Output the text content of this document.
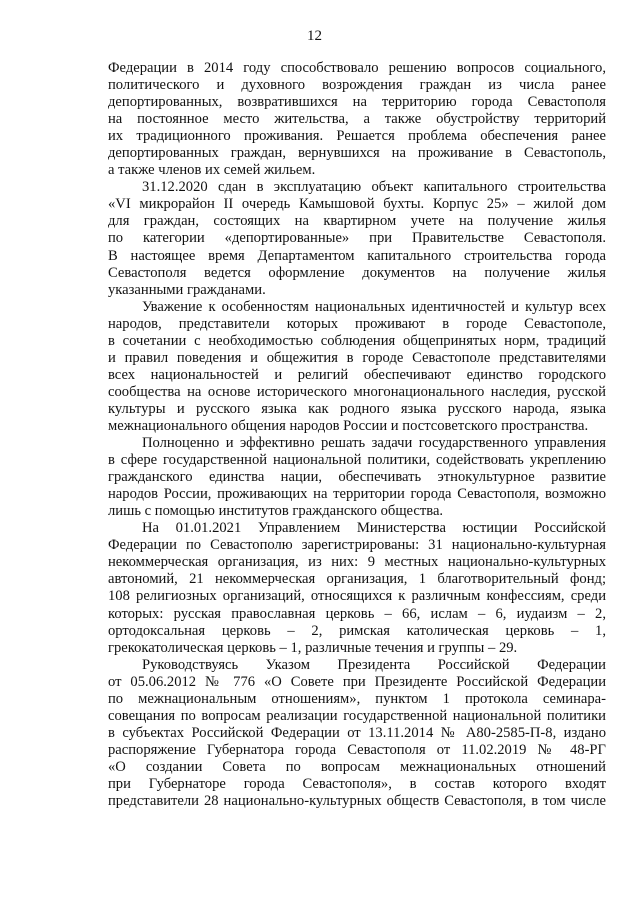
12

Федерации в 2014 году способствовало решению вопросов социального,
политического и духовного возрождения граждан из числа ранее
депортированных, возвратившихся на территорию города Севастополя
на постоянное место жительства, а также обустройству территорий
их традиционного проживания. Решается проблема обеспечения ранее
депортированных граждан, вернувшихся на проживание в Севастополь,
а также членов их семей жильем.

31.12.2020 сдан в эксплуатацию объект капитального строительства
«VI микрорайон II очередь Камышовой бухты. Корпус 25» – жилой дом
для граждан, состоящих на квартирном учете на получение жилья
по категории «депортированные» при Правительстве Севастополя.
В настоящее время Департаментом капитального строительства города
Севастополя ведется оформление документов на получение жилья
указанными гражданами.

Уважение к особенностям национальных идентичностей и культур всех
народов, представители которых проживают в городе Севастополе,
в сочетании с необходимостью соблюдения общепринятых норм, традиций
и правил поведения и общежития в городе Севастополе представителями
всех национальностей и религий обеспечивают единство городского
сообщества на основе исторического многонационального наследия, русской
культуры и русского языка как родного языка русского народа, языка
межнационального общения народов России и постсоветского пространства.

Полноценно и эффективно решать задачи государственного управления
в сфере государственной национальной политики, содействовать укреплению
гражданского единства нации, обеспечивать этнокультурное развитие
народов России, проживающих на территории города Севастополя, возможно
лишь с помощью институтов гражданского общества.

На 01.01.2021 Управлением Министерства юстиции Российской
Федерации по Севастополю зарегистрированы: 31 национально-культурная
некоммерческая организация, из них: 9 местных национально-культурных
автономий, 21 некоммерческая организация, 1 благотворительный фонд;
108 религиозных организаций, относящихся к различным конфессиям, среди
которых: русская православная церковь – 66, ислам – 6, иудаизм – 2,
ортодоксальная церковь – 2, римская католическая церковь – 1,
грекокатолическая церковь – 1, различные течения и группы – 29.

Руководствуясь Указом Президента Российской Федерации
от 05.06.2012 № 776 «О Совете при Президенте Российской Федерации
по межнациональным отношениям», пунктом 1 протокола семинара-
совещания по вопросам реализации государственной национальной политики
в субъектах Российской Федерации от 13.11.2014 № А80-2585-П-8, издано
распоряжение Губернатора города Севастополя от 11.02.2019 № 48-РГ
«О создании Совета по вопросам межнациональных отношений
при Губернаторе города Севастополя», в состав которого входят
представители 28 национально-культурных обществ Севастополя, в том числе
